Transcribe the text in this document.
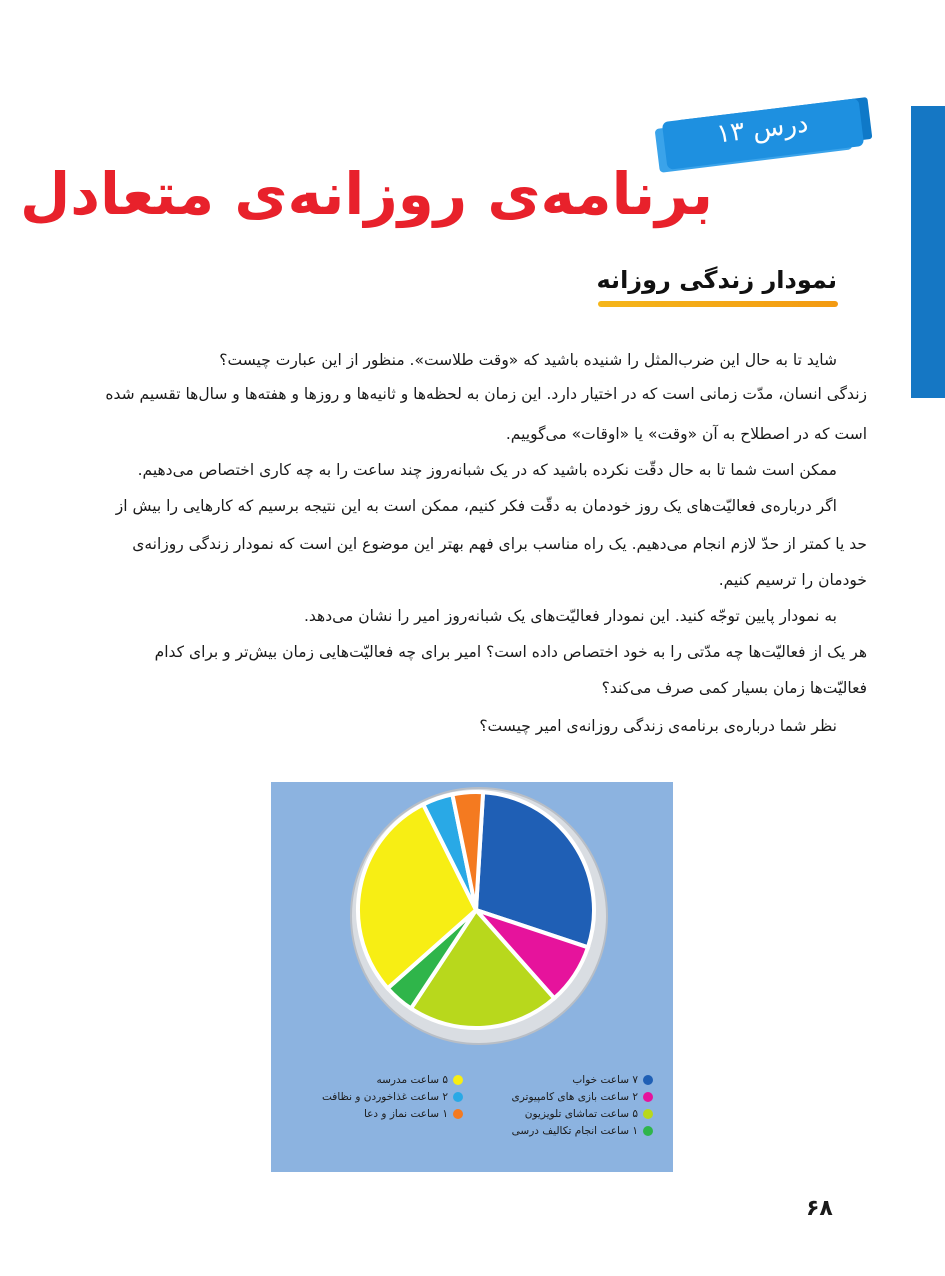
درس ۱۳
برنامه‌ی روزانه‌ی متعادل
نمودار زندگی روزانه

شاید تا به حال این ضرب‌المثل را شنیده باشید که «وقت طلاست». منظور از این عبارت چیست؟

زندگی انسان، مدّت زمانی است که در اختیار دارد. این زمان به لحظه‌ها و ثانیه‌ها و روزها و هفته‌ها و سال‌ها تقسیم شده

است که در اصطلاح به آن «وقت» یا «اوقات» می‌گوییم.

ممکن است شما تا به حال دقّت نکرده باشید که در یک شبانه‌روز چند ساعت را به چه کاری اختصاص می‌دهیم.

اگر درباره‌ی فعالیّت‌های یک روز خودمان به دقّت فکر کنیم، ممکن است به این نتیجه برسیم که کارهایی را بیش از

حد یا کمتر از حدّ لازم انجام می‌دهیم. یک راه مناسب برای فهم بهتر این موضوع این است که نمودار زندگی روزانه‌ی

خودمان را ترسیم کنیم.

به نمودار پایین توجّه کنید. این نمودار فعالیّت‌های یک شبانه‌روز امیر را نشان می‌دهد.

هر یک از فعالیّت‌ها چه مدّتی را به خود اختصاص داده است؟ امیر برای چه فعالیّت‌هایی زمان بیش‌تر و برای کدام

فعالیّت‌ها زمان بسیار کمی صرف می‌کند؟

نظر شما درباره‌ی برنامه‌ی زندگی روزانه‌ی امیر چیست؟

۷ ساعت خواب
۲ ساعت بازی های کامپیوتری
۵ ساعت تماشای تلویزیون
۱ ساعت انجام تکالیف درسی
۵ ساعت مدرسه
۲ ساعت غذاخوردن و نظافت
۱ ساعت نماز و دعا
۶۸
